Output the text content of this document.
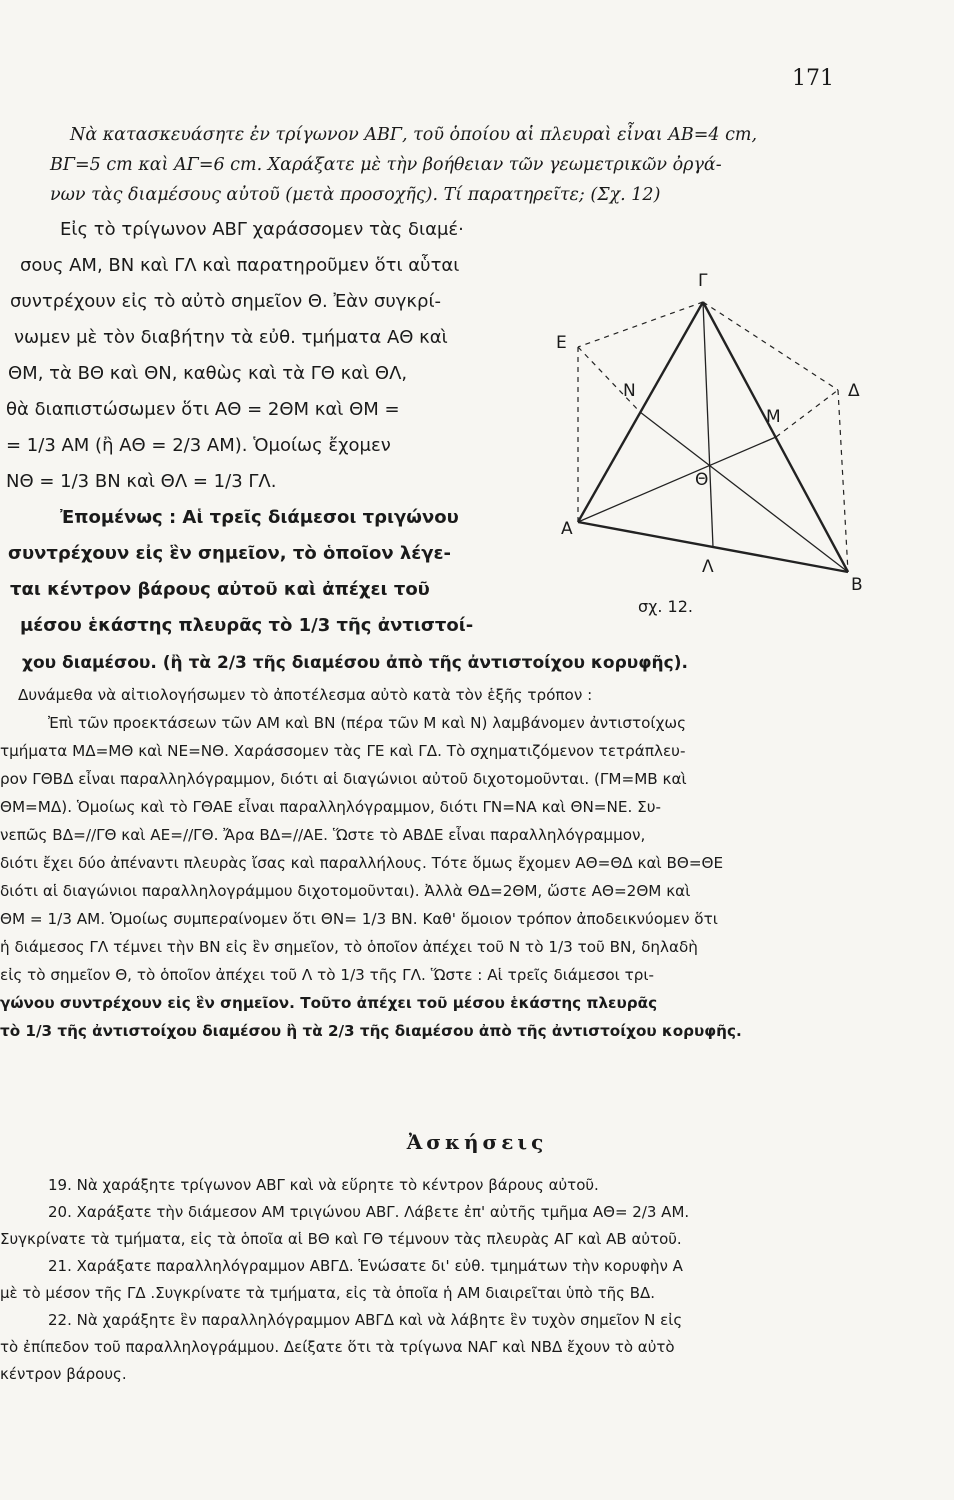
171

Νὰ κατασκευάσητε ἐν τρίγωνον ΑΒΓ, τοῦ ὁποίου αἱ πλευραὶ εἶναι ΑΒ=4 cm,

ΒΓ=5 cm καὶ ΑΓ=6 cm. Χαράξατε μὲ τὴν βοήθειαν τῶν γεωμετρικῶν ὀργά-

νων τὰς διαμέσους αὐτοῦ (μετὰ προσοχῆς). Τί παρατηρεῖτε; (Σχ. 12)

Εἰς τὸ τρίγωνον ΑΒΓ χαράσσομεν τὰς διαμέ·

σους ΑΜ, ΒΝ καὶ ΓΛ καὶ παρατηροῦμεν ὅτι αὗται

συντρέχουν εἰς τὸ αὐτὸ σημεῖον Θ. Ἐὰν συγκρί-

νωμεν μὲ τὸν διαβήτην τὰ εὐθ. τμήματα ΑΘ καὶ

ΘΜ, τὰ ΒΘ καὶ ΘΝ, καθὼς καὶ τὰ ΓΘ καὶ ΘΛ,

θὰ διαπιστώσωμεν ὅτι ΑΘ = 2ΘΜ καὶ ΘΜ =

= 1/3 ΑΜ (ἢ ΑΘ = 2/3 ΑΜ). Ὁμοίως ἔχομεν

ΝΘ = 1/3 ΒΝ καὶ ΘΛ = 1/3 ΓΛ.

Ἐπομένως : Αἱ τρεῖς διάμεσοι τριγώνου

συντρέχουν εἰς ἓν σημεῖον, τὸ ὁποῖον λέγε-

ται κέντρον βάρους αὐτοῦ καὶ ἀπέχει τοῦ

μέσου ἑκάστης πλευρᾶς τὸ 1/3 τῆς ἀντιστοί-

Γ
Ε
Ν	Δ
Μ
Θ
Α
Λ
Β
σχ. 12.

χου διαμέσου. (ἢ τὰ 2/3 τῆς διαμέσου ἀπὸ τῆς ἀντιστοίχου κορυφῆς).

Δυνάμεθα νὰ αἰτιολογήσωμεν τὸ ἀποτέλεσμα αὐτὸ κατὰ τὸν ἑξῆς τρόπον :

Ἐπὶ τῶν προεκτάσεων τῶν ΑΜ καὶ ΒΝ (πέρα τῶν Μ καὶ Ν) λαμβάνομεν ἀντιστοίχως

τμήματα ΜΔ=ΜΘ καὶ ΝΕ=ΝΘ. Χαράσσομεν τὰς ΓΕ καὶ ΓΔ. Τὸ σχηματιζόμενον τετράπλευ-

ρον ΓΘΒΔ εἶναι παραλληλόγραμμον, διότι αἱ διαγώνιοι αὐτοῦ διχοτομοῦνται. (ΓΜ=ΜΒ καὶ

ΘΜ=ΜΔ). Ὁμοίως καὶ τὸ ΓΘΑΕ εἶναι παραλληλόγραμμον, διότι ΓΝ=ΝΑ καὶ ΘΝ=ΝΕ. Συ-

νεπῶς ΒΔ=//ΓΘ καὶ ΑΕ=//ΓΘ. Ἄρα ΒΔ=//ΑΕ. Ὥστε τὸ ΑΒΔΕ εἶναι παραλληλόγραμμον,

διότι ἔχει δύο ἀπέναντι πλευρὰς ἴσας καὶ παραλλήλους. Τότε ὅμως ἔχομεν ΑΘ=ΘΔ καὶ ΒΘ=ΘΕ

διότι αἱ διαγώνιοι παραλληλογράμμου διχοτομοῦνται). Ἀλλὰ ΘΔ=2ΘΜ, ὥστε ΑΘ=2ΘΜ καὶ

ΘΜ = 1/3 ΑΜ. Ὁμοίως συμπεραίνομεν ὅτι ΘΝ= 1/3 ΒΝ. Καθ' ὅμοιον τρόπον ἀποδεικνύομεν ὅτι

ἡ διάμεσος ΓΛ τέμνει τὴν ΒΝ εἰς ἓν σημεῖον, τὸ ὁποῖον ἀπέχει τοῦ Ν τὸ 1/3 τοῦ ΒΝ, δηλαδὴ

εἰς τὸ σημεῖον Θ, τὸ ὁποῖον ἀπέχει τοῦ Λ τὸ 1/3 τῆς ΓΛ. Ὥστε : Αἱ τρεῖς διάμεσοι τρι-

γώνου συντρέχουν εἰς ἓν σημεῖον. Τοῦτο ἀπέχει τοῦ μέσου ἑκάστης πλευρᾶς

τὸ 1/3 τῆς ἀντιστοίχου διαμέσου ἢ τὰ 2/3 τῆς διαμέσου ἀπὸ τῆς ἀντιστοίχου κορυφῆς.

Ἀσκήσεις

19. Νὰ χαράξητε τρίγωνον ΑΒΓ καὶ νὰ εὕρητε τὸ κέντρον βάρους αὐτοῦ.

20. Χαράξατε τὴν διάμεσον ΑΜ τριγώνου ΑΒΓ. Λάβετε ἐπ' αὐτῆς τμῆμα ΑΘ= 2/3 ΑΜ.

Συγκρίνατε τὰ τμήματα, εἰς τὰ ὁποῖα αἱ ΒΘ καὶ ΓΘ τέμνουν τὰς πλευρὰς ΑΓ καὶ ΑΒ αὐτοῦ.

21. Χαράξατε παραλληλόγραμμον ΑΒΓΔ. Ἑνώσατε δι' εὐθ. τμημάτων τὴν κορυφὴν Α

μὲ τὸ μέσον τῆς ΓΔ .Συγκρίνατε τὰ τμήματα, εἰς τὰ ὁποῖα ἡ ΑΜ διαιρεῖται ὑπὸ τῆς ΒΔ.

22. Νὰ χαράξητε ἓν παραλληλόγραμμον ΑΒΓΔ καὶ νὰ λάβητε ἓν τυχὸν σημεῖον Ν εἰς

τὸ ἐπίπεδον τοῦ παραλληλογράμμου. Δείξατε ὅτι τὰ τρίγωνα ΝΑΓ καὶ ΝΒΔ ἔχουν τὸ αὐτὸ

κέντρον βάρους.
